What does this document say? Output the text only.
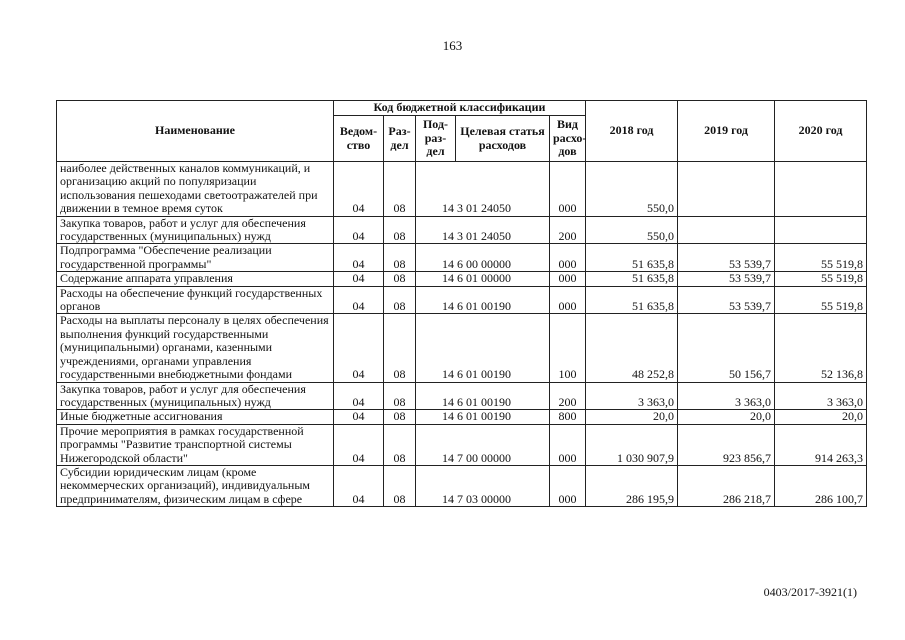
163
Наименование	Код бюджетной классификации					2018 год	2019 год	2020 год
	Ведом-ство	Раз-дел	Под-раз-дел	Целевая статья расходов	Вид расхо-дов			
наиболее действенных каналов коммуникаций, и организацию акций по популяризации использования пешеходами светоотражателей при движении в темное время суток	04	08	14 3 01 24050		000	550,0		
Закупка товаров, работ и услуг для обеспечения государственных (муниципальных) нужд	04	08	14 3 01 24050		200	550,0		
Подпрограмма "Обеспечение реализации государственной программы"	04	08	14 6 00 00000		000	51 635,8	53 539,7	55 519,8
Содержание аппарата управления	04	08	14 6 01 00000		000	51 635,8	53 539,7	55 519,8
Расходы на обеспечение функций государственных органов	04	08	14 6 01 00190		000	51 635,8	53 539,7	55 519,8
Расходы на выплаты персоналу в целях обеспечения выполнения функций государственными (муниципальными) органами, казенными учреждениями, органами управления государственными внебюджетными фондами	04	08	14 6 01 00190		100	48 252,8	50 156,7	52 136,8
Закупка товаров, работ и услуг для обеспечения государственных (муниципальных) нужд	04	08	14 6 01 00190		200	3 363,0	3 363,0	3 363,0
Иные бюджетные ассигнования	04	08	14 6 01 00190		800	20,0	20,0	20,0
Прочие мероприятия в рамках государственной программы "Развитие транспортной системы Нижегородской области"	04	08	14 7 00 00000		000	1 030 907,9	923 856,7	914 263,3
Субсидии юридическим лицам (кроме некоммерческих организаций), индивидуальным предпринимателям, физическим лицам в сфере	04	08	14 7 03 00000		000	286 195,9	286 218,7	286 100,7
0403/2017-3921(1)
